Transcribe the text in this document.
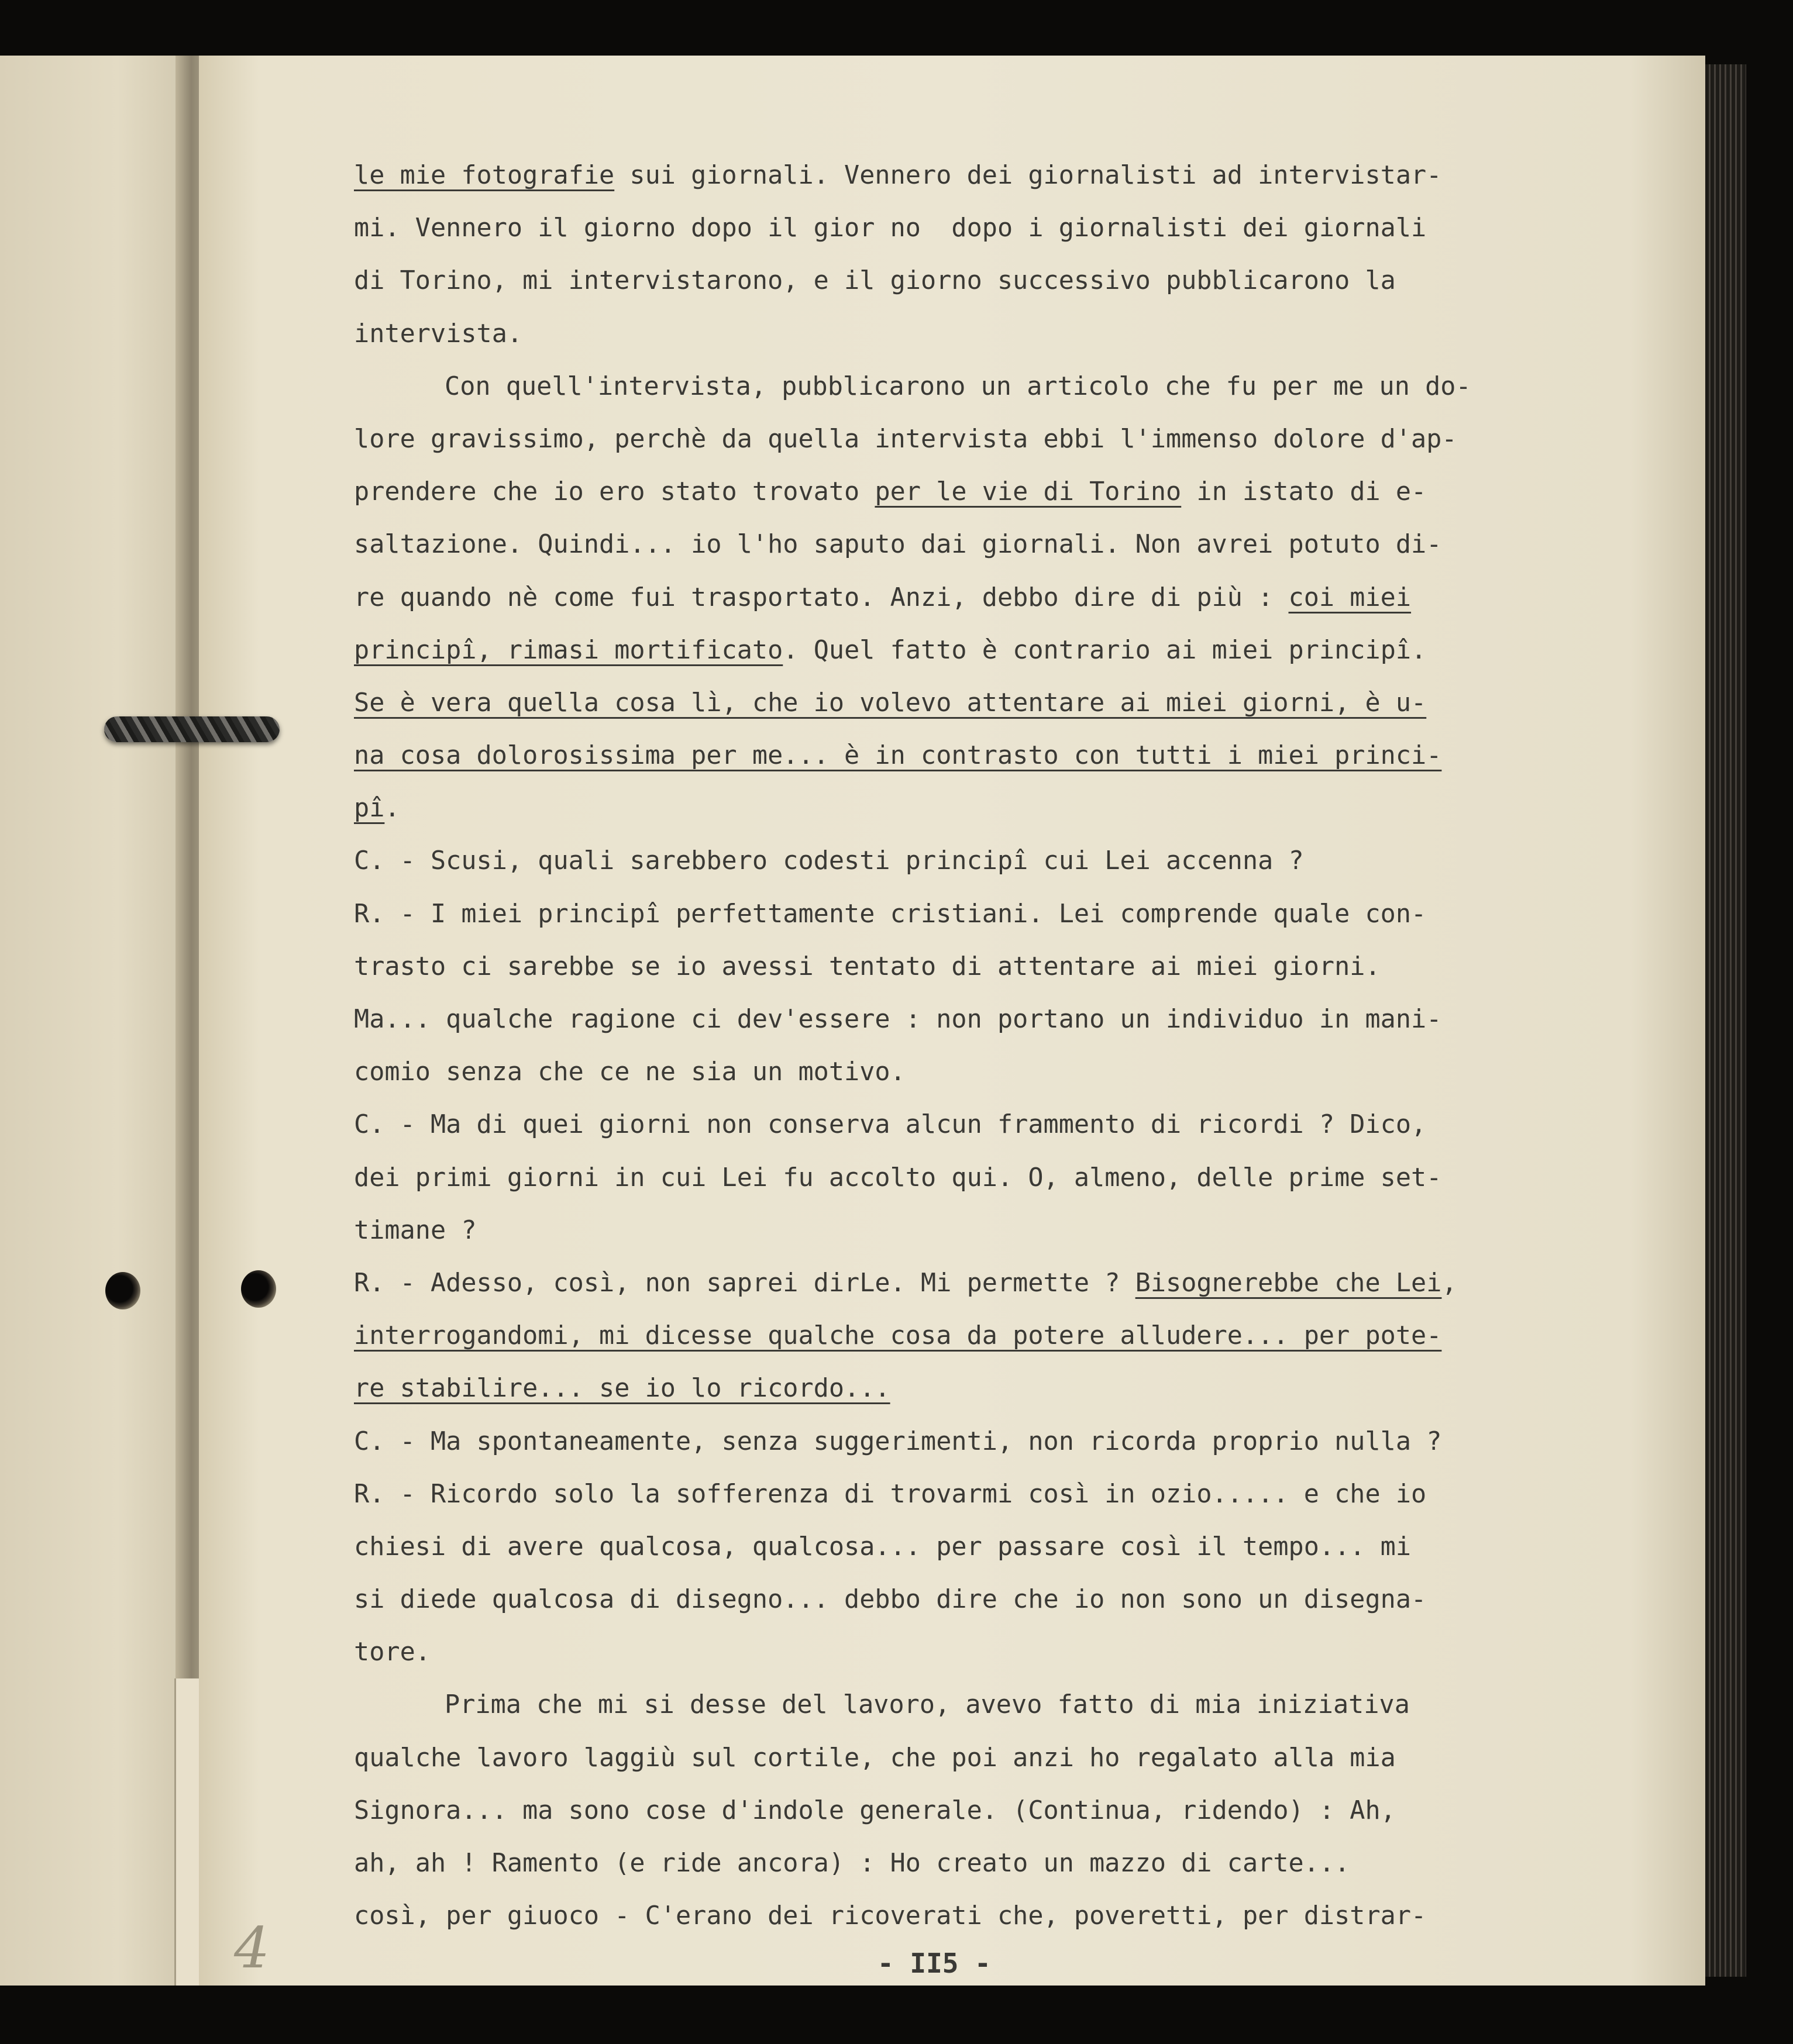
4
le mie fotografie sui giornali. Vennero dei giornalisti ad intervistar-
mi. Vennero il giorno dopo il gior no  dopo i giornalisti dei giornali
di Torino, mi intervistarono, e il giorno successivo pubblicarono la
intervista.
Con quell'intervista, pubblicarono un articolo che fu per me un do-
lore gravissimo, perchè da quella intervista ebbi l'immenso dolore d'ap-
prendere che io ero stato trovato per le vie di Torino in istato di e-
saltazione. Quindi... io l'ho saputo dai giornali. Non avrei potuto di-
re quando nè come fui trasportato. Anzi, debbo dire di più : coi miei
principî, rimasi mortificato. Quel fatto è contrario ai miei principî.
Se è vera quella cosa lì, che io volevo attentare ai miei giorni, è u-
na cosa dolorosissima per me... è in contrasto con tutti i miei princi-
pî.
C. - Scusi, quali sarebbero codesti principî cui Lei accenna ?
R. - I miei principî perfettamente cristiani. Lei comprende quale con-
trasto ci sarebbe se io avessi tentato di attentare ai miei giorni.
Ma... qualche ragione ci dev'essere : non portano un individuo in mani-
comio senza che ce ne sia un motivo.
C. - Ma di quei giorni non conserva alcun frammento di ricordi ? Dico,
dei primi giorni in cui Lei fu accolto qui. O, almeno, delle prime set-
timane ?
R. - Adesso, così, non saprei dirLe. Mi permette ? Bisognerebbe che Lei,
interrogandomi, mi dicesse qualche cosa da potere alludere... per pote-
re stabilire... se io lo ricordo...
C. - Ma spontaneamente, senza suggerimenti, non ricorda proprio nulla ?
R. - Ricordo solo la sofferenza di trovarmi così in ozio..... e che io
chiesi di avere qualcosa, qualcosa... per passare così il tempo... mi
si diede qualcosa di disegno... debbo dire che io non sono un disegna-
tore.
Prima che mi si desse del lavoro, avevo fatto di mia iniziativa
qualche lavoro laggiù sul cortile, che poi anzi ho regalato alla mia
Signora... ma sono cose d'indole generale. (Continua, ridendo) : Ah,
ah, ah ! Ramento (e ride ancora) : Ho creato un mazzo di carte...
così, per giuoco - C'erano dei ricoverati che, poveretti, per distrar-
- II5 -
